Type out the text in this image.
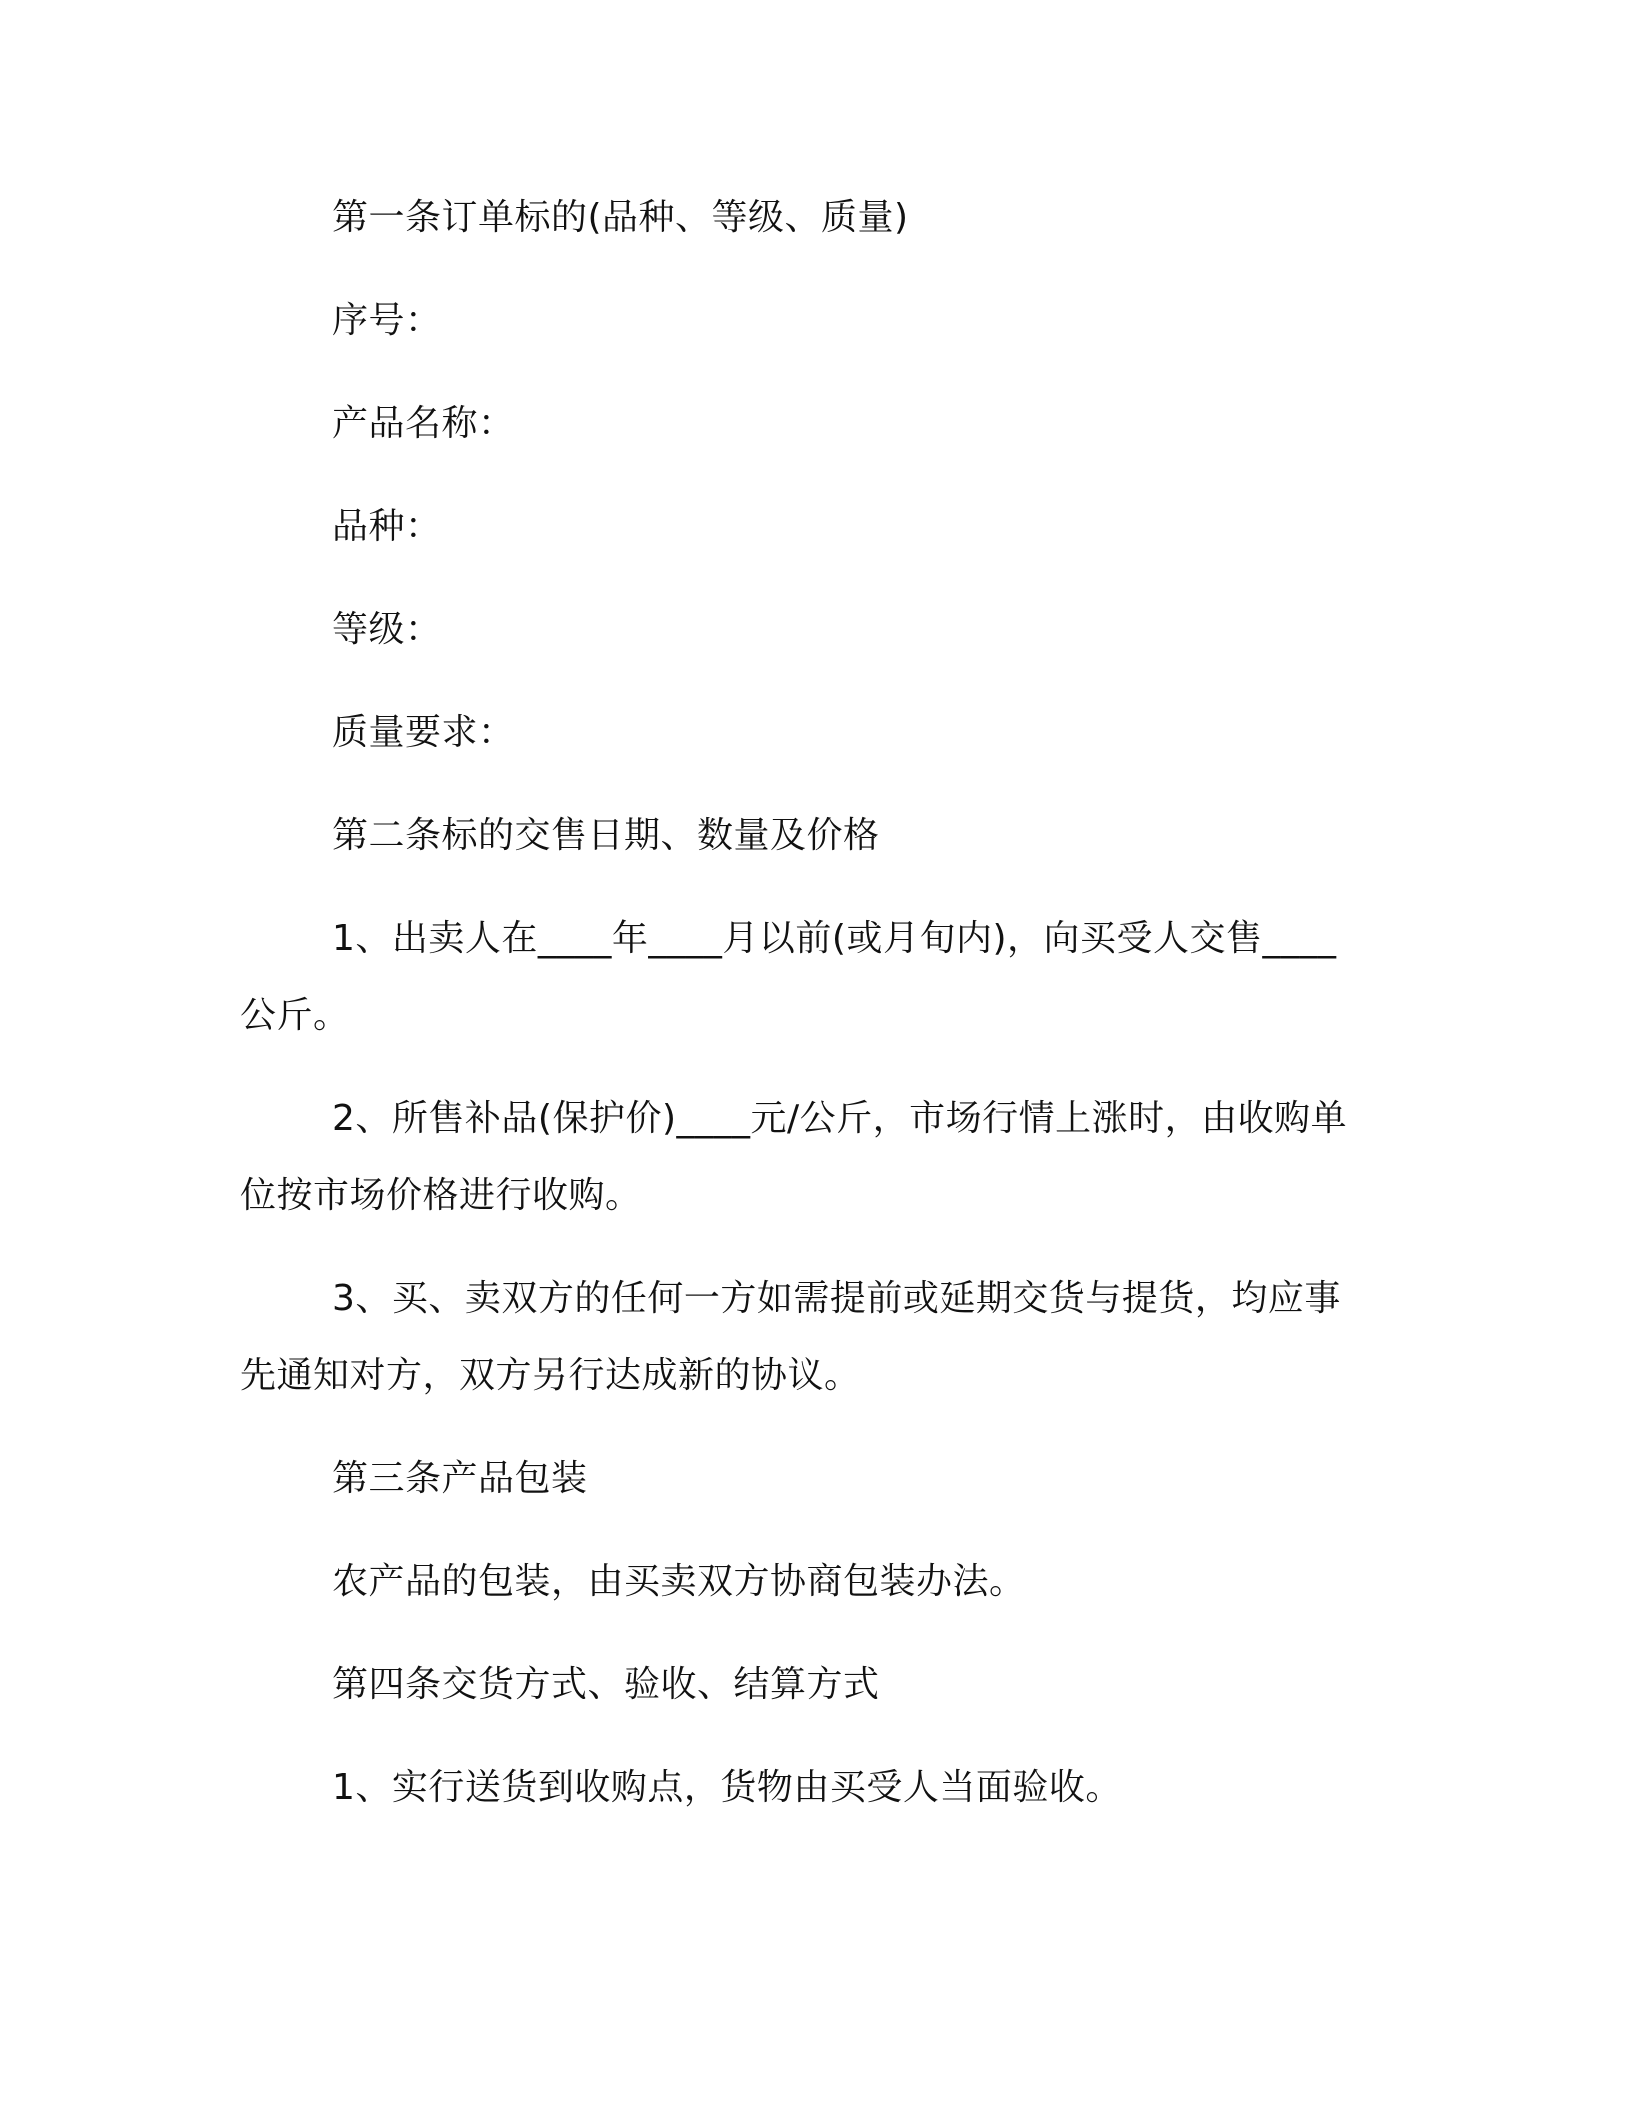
第一条订单标的(品种、等级、质量)
序号：
产品名称：
品种：
等级：
质量要求：
第二条标的交售日期、数量及价格
1、出卖人在____年____月以前(或月旬内)，向买受人交售____
公斤。
2、所售补品(保护价)____元/公斤，市场行情上涨时，由收购单
位按市场价格进行收购。
3、买、卖双方的任何一方如需提前或延期交货与提货，均应事
先通知对方，双方另行达成新的协议。
第三条产品包装
农产品的包装，由买卖双方协商包装办法。
第四条交货方式、验收、结算方式
1、实行送货到收购点，货物由买受人当面验收。
